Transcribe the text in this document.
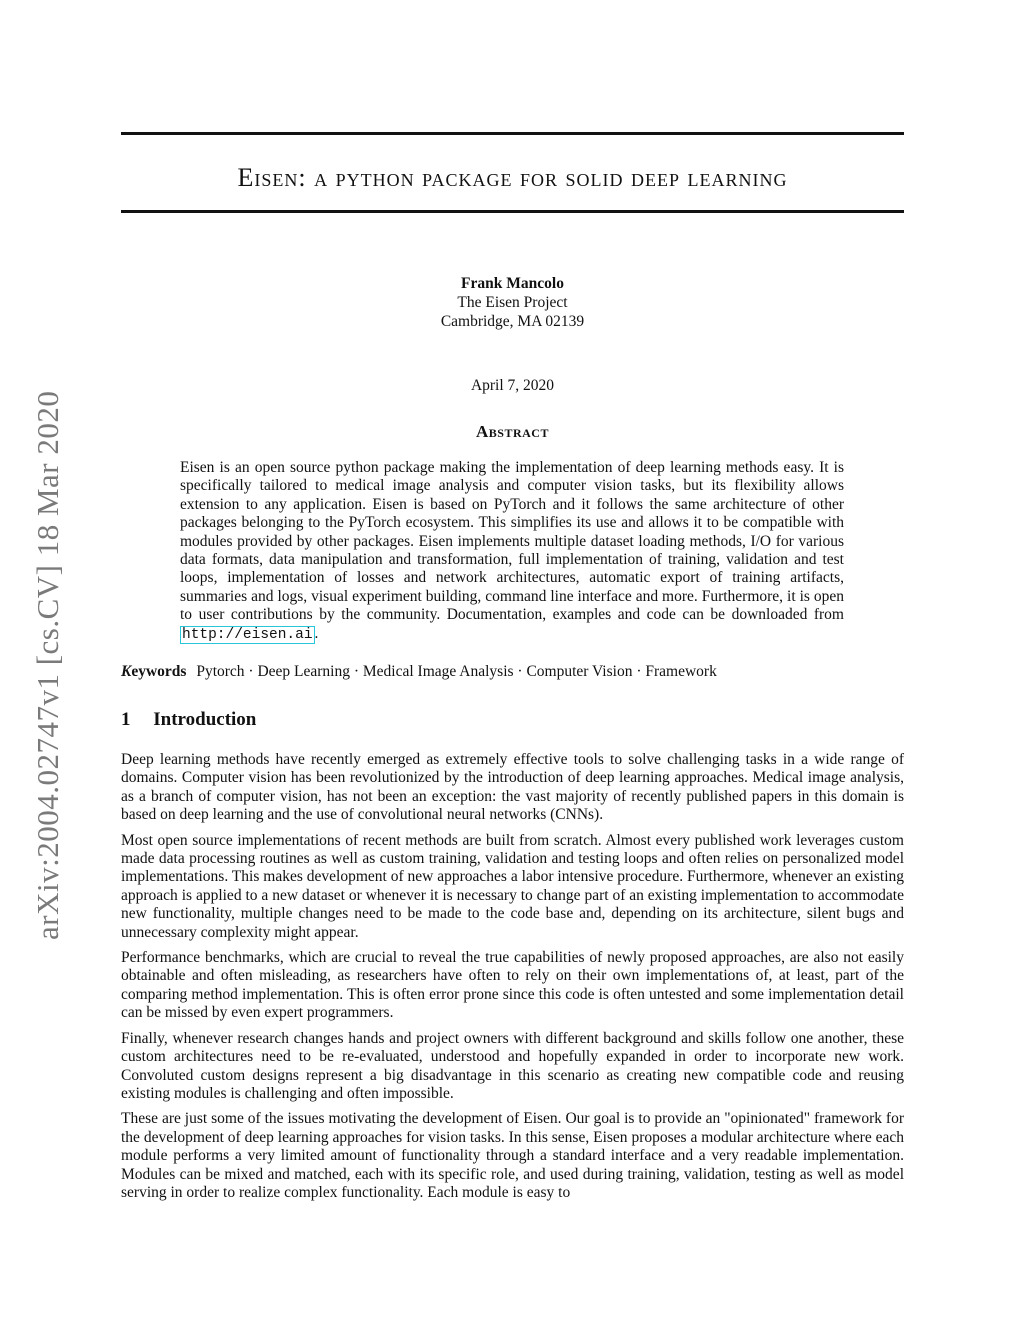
arXiv:2004.02747v1 [cs.CV] 18 Mar 2020
Eisen: a python package for solid deep learning
Frank Mancolo
The Eisen Project
Cambridge, MA 02139
April 7, 2020
Abstract
Eisen is an open source python package making the implementation of deep learning methods easy. It is specifically tailored to medical image analysis and computer vision tasks, but its flexibility allows extension to any application. Eisen is based on PyTorch and it follows the same architecture of other packages belonging to the PyTorch ecosystem. This simplifies its use and allows it to be compatible with modules provided by other packages. Eisen implements multiple dataset loading methods, I/O for various data formats, data manipulation and transformation, full implementation of training, validation and test loops, implementation of losses and network architectures, automatic export of training artifacts, summaries and logs, visual experiment building, command line interface and more. Furthermore, it is open to user contributions by the community. Documentation, examples and code can be downloaded from http://eisen.ai .
Keywords Pytorch · Deep Learning · Medical Image Analysis · Computer Vision · Framework
1 Introduction

Deep learning methods have recently emerged as extremely effective tools to solve challenging tasks in a wide range of domains. Computer vision has been revolutionized by the introduction of deep learning approaches. Medical image analysis, as a branch of computer vision, has not been an exception: the vast majority of recently published papers in this domain is based on deep learning and the use of convolutional neural networks (CNNs).

Most open source implementations of recent methods are built from scratch. Almost every published work leverages custom made data processing routines as well as custom training, validation and testing loops and often relies on personalized model implementations. This makes development of new approaches a labor intensive procedure. Furthermore, whenever an existing approach is applied to a new dataset or whenever it is necessary to change part of an existing implementation to accommodate new functionality, multiple changes need to be made to the code base and, depending on its architecture, silent bugs and unnecessary complexity might appear.

Performance benchmarks, which are crucial to reveal the true capabilities of newly proposed approaches, are also not easily obtainable and often misleading, as researchers have often to rely on their own implementations of, at least, part of the comparing method implementation. This is often error prone since this code is often untested and some implementation detail can be missed by even expert programmers.

Finally, whenever research changes hands and project owners with different background and skills follow one another, these custom architectures need to be re-evaluated, understood and hopefully expanded in order to incorporate new work. Convoluted custom designs represent a big disadvantage in this scenario as creating new compatible code and reusing existing modules is challenging and often impossible.

These are just some of the issues motivating the development of Eisen. Our goal is to provide an "opinionated" framework for the development of deep learning approaches for vision tasks. In this sense, Eisen proposes a modular architecture where each module performs a very limited amount of functionality through a standard interface and a very readable implementation. Modules can be mixed and matched, each with its specific role, and used during training, validation, testing as well as model serving in order to realize complex functionality. Each module is easy to
